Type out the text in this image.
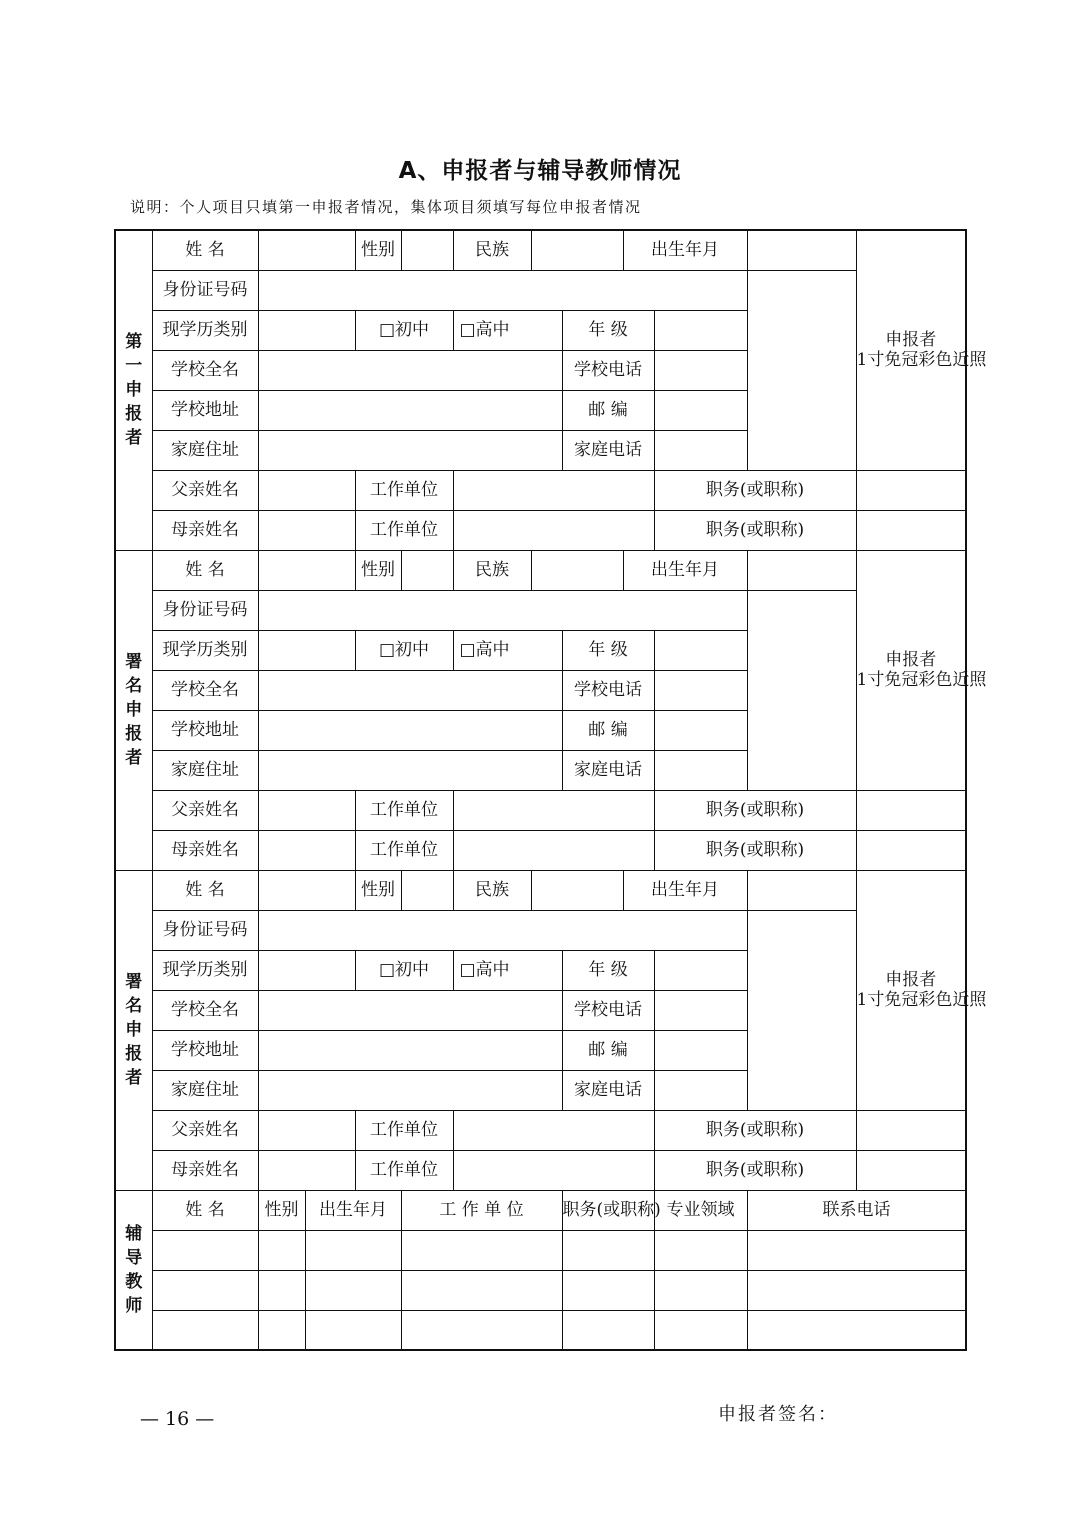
A、申报者与辅导教师情况
说明：个人项目只填第一申报者情况，集体项目须填写每位申报者情况
第
一
申
报
者	姓 名			性别		民族			出生年月			申报者
1寸免冠彩色近照

	身份证号码											
	现学历类别			□初中		□高中		年 级				
	学校全名							学校电话				
	学校地址							邮 编				
	家庭住址							家庭电话				
	父亲姓名			工作单位						职务(或职称)		
	母亲姓名			工作单位						职务(或职称)		

署
名
申
报
者	姓 名			性别		民族			出生年月			申报者
1寸免冠彩色近照

	身份证号码											
	现学历类别			□初中		□高中		年 级				
	学校全名							学校电话				
	学校地址							邮 编				
	家庭住址							家庭电话				
	父亲姓名			工作单位						职务(或职称)		
	母亲姓名			工作单位						职务(或职称)		

署
名
申
报
者	姓 名			性别		民族			出生年月			申报者
1寸免冠彩色近照

	身份证号码											
	现学历类别			□初中		□高中		年 级				
	学校全名							学校电话				
	学校地址							邮 编				
	家庭住址							家庭电话				
	父亲姓名			工作单位						职务(或职称)		
	母亲姓名			工作单位						职务(或职称)		

辅
导
教
师	姓 名	性别	出生年月		工 作 单 位			职务(或职称)		专业领域	联系电话	

— 16 —	申报者签名：
